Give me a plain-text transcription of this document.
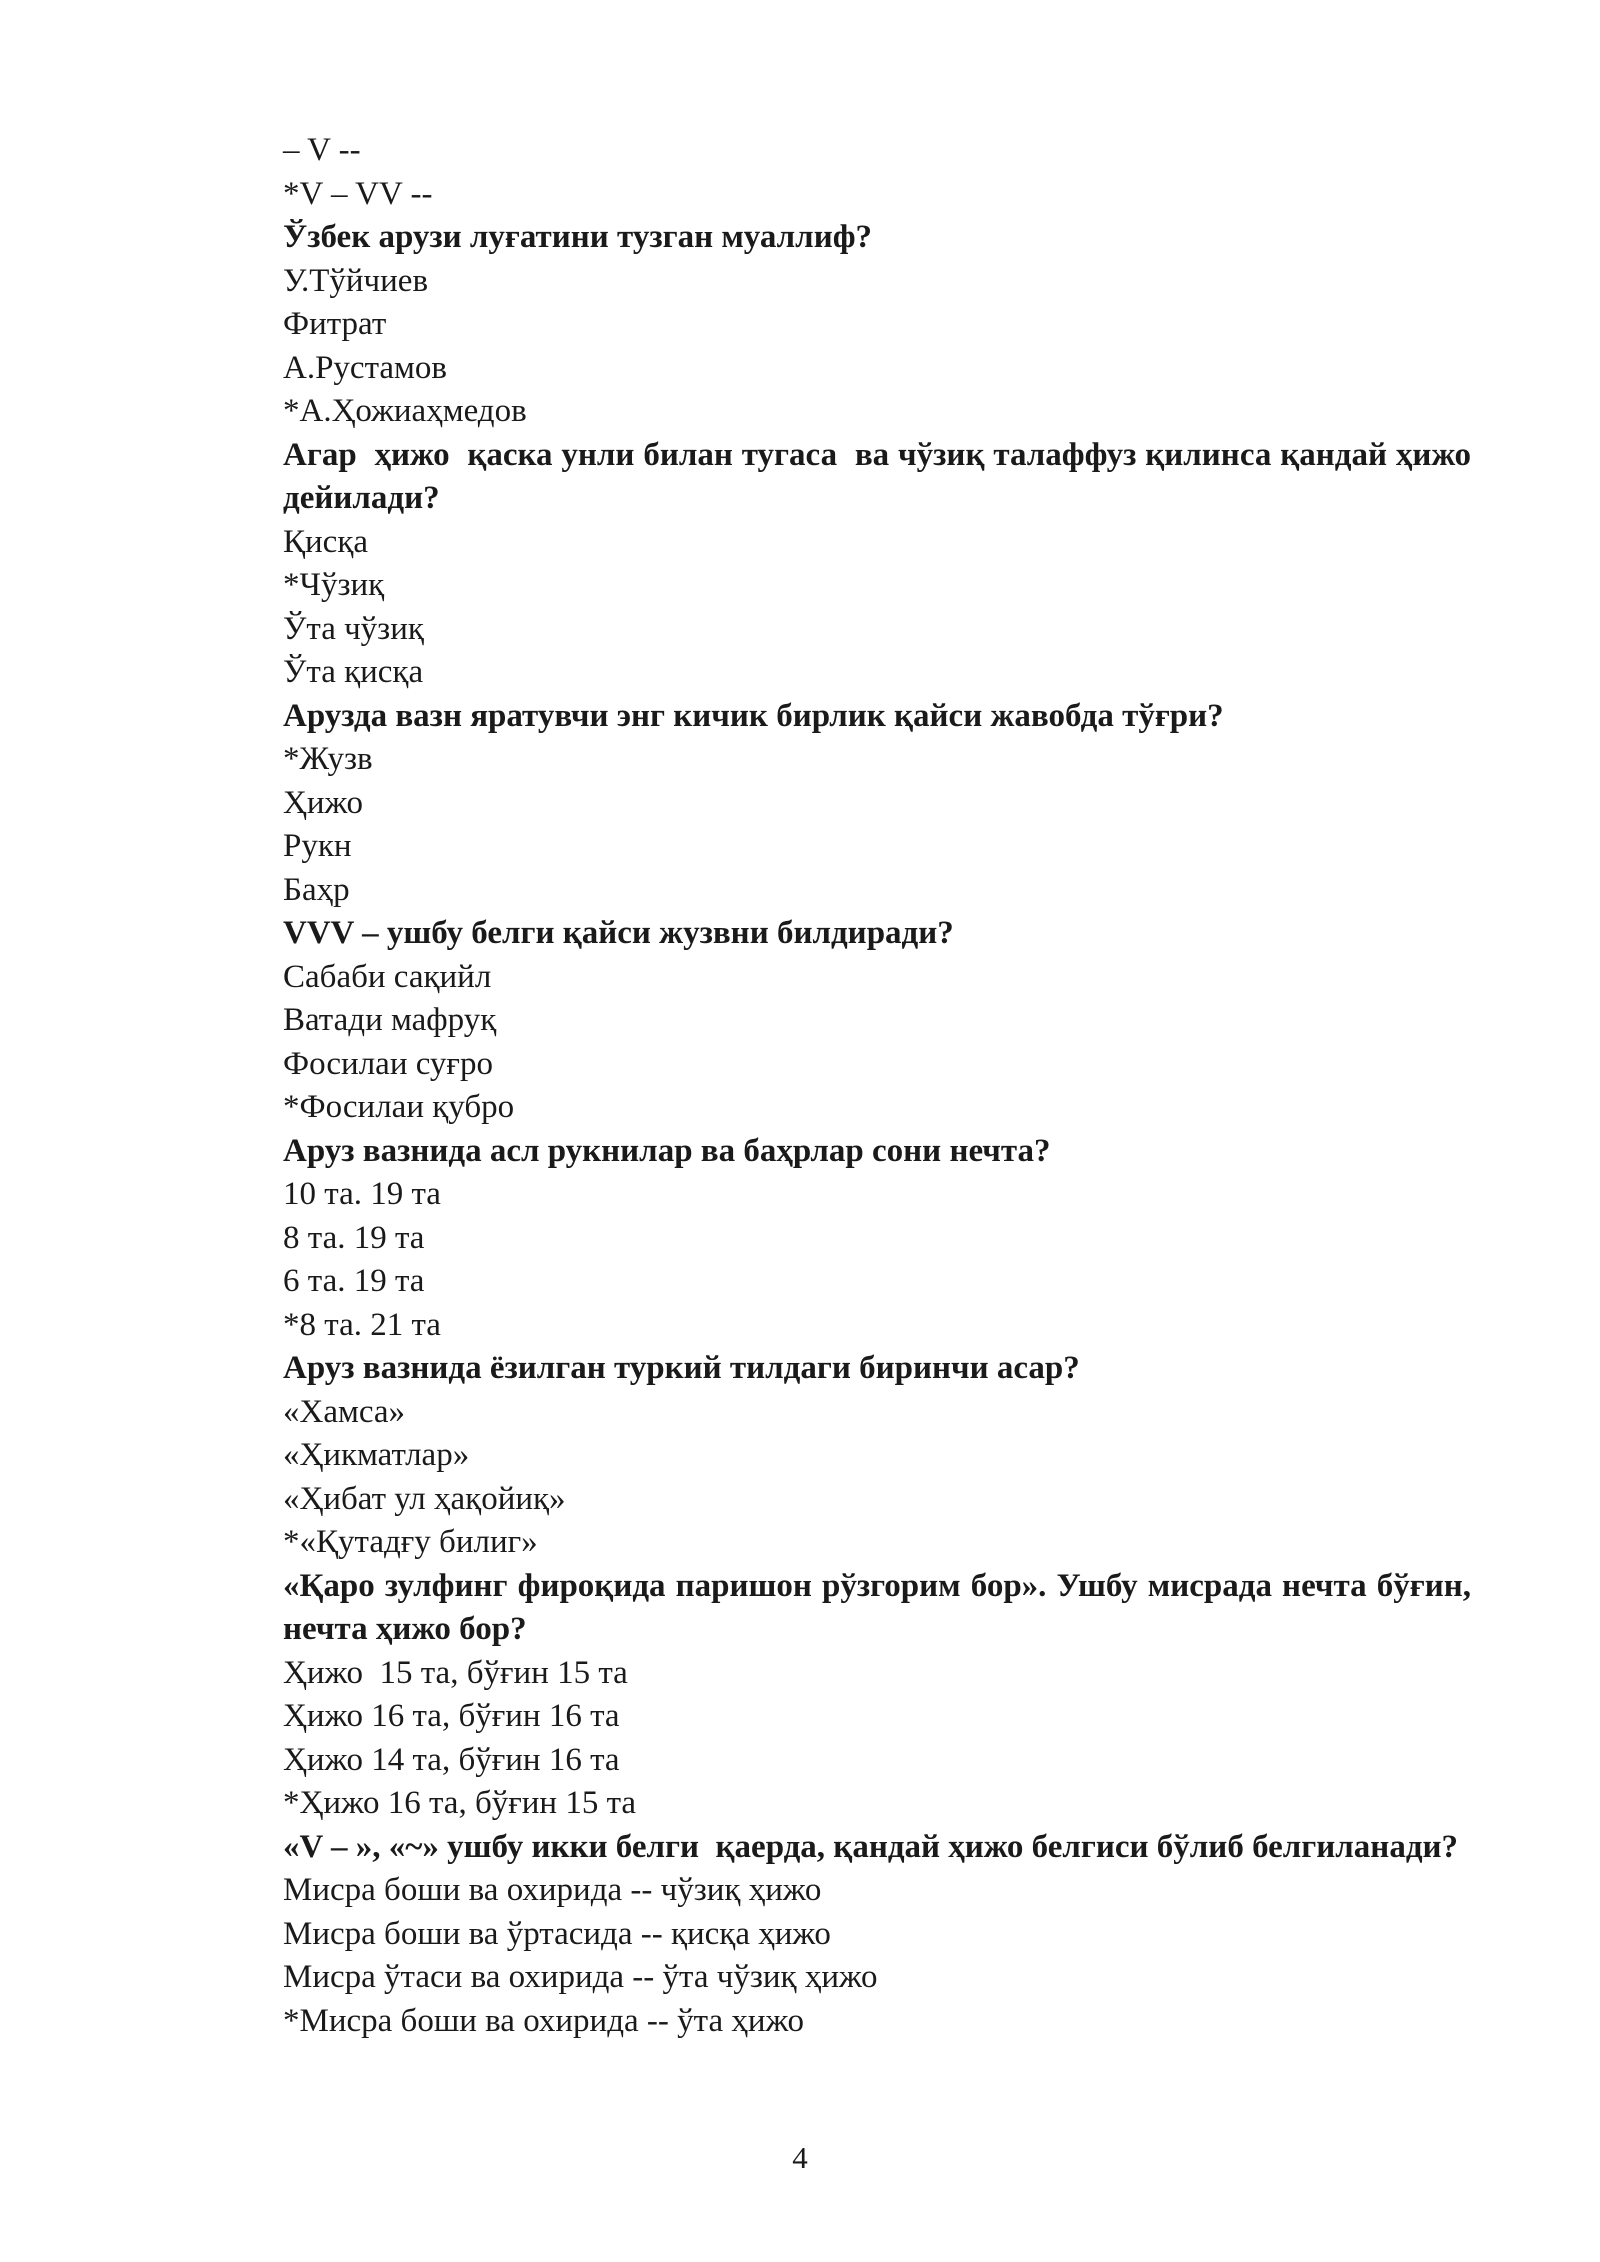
– V --
*V – VV --
Ўзбек арузи луғатини тузган муаллиф?
У.Тўйчиев
Фитрат
А.Рустамов
*А.Ҳожиаҳмедов
Агар  ҳижо  қаска унли билан тугаса  ва чўзиқ талаффуз қилинса қандай ҳижо дейилади?
Қисқа
*Чўзиқ
Ўта чўзиқ
Ўта қисқа
Арузда вазн яратувчи энг кичик бирлик қайси жавобда тўғри?
*Жузв
Ҳижо
Рукн
Баҳр
VVV – ушбу белги қайси жузвни билдиради?
Сабаби сақийл
Ватади мафруқ
Фосилаи суғро
*Фосилаи қубро
Аруз вазнида асл рукнилар ва баҳрлар сони нечта?
10 та. 19 та
8 та. 19 та
6 та. 19 та
*8 та. 21 та
Аруз вазнида ёзилган туркий тилдаги биринчи асар?
«Хамса»
«Ҳикматлар»
«Ҳибат ул ҳақойиқ»
*«Қутадғу билиг»
«Қаро зулфинг фироқида паришон рўзгорим бор». Ушбу мисрада нечта бўғин, нечта ҳижо бор?
Ҳижо  15 та, бўғин 15 та
Ҳижо 16 та, бўғин 16 та
Ҳижо 14 та, бўғин 16 та
*Ҳижо 16 та, бўғин 15 та
«V – », «~» ушбу икки белги  қаерда, қандай ҳижо белгиси бўлиб белгиланади?
Мисра боши ва охирида -- чўзиқ ҳижо
Мисра боши ва ўртасида -- қисқа ҳижо
Мисра ўтаси ва охирида -- ўта чўзиқ ҳижо
*Мисра боши ва охирида -- ўта ҳижо
4
